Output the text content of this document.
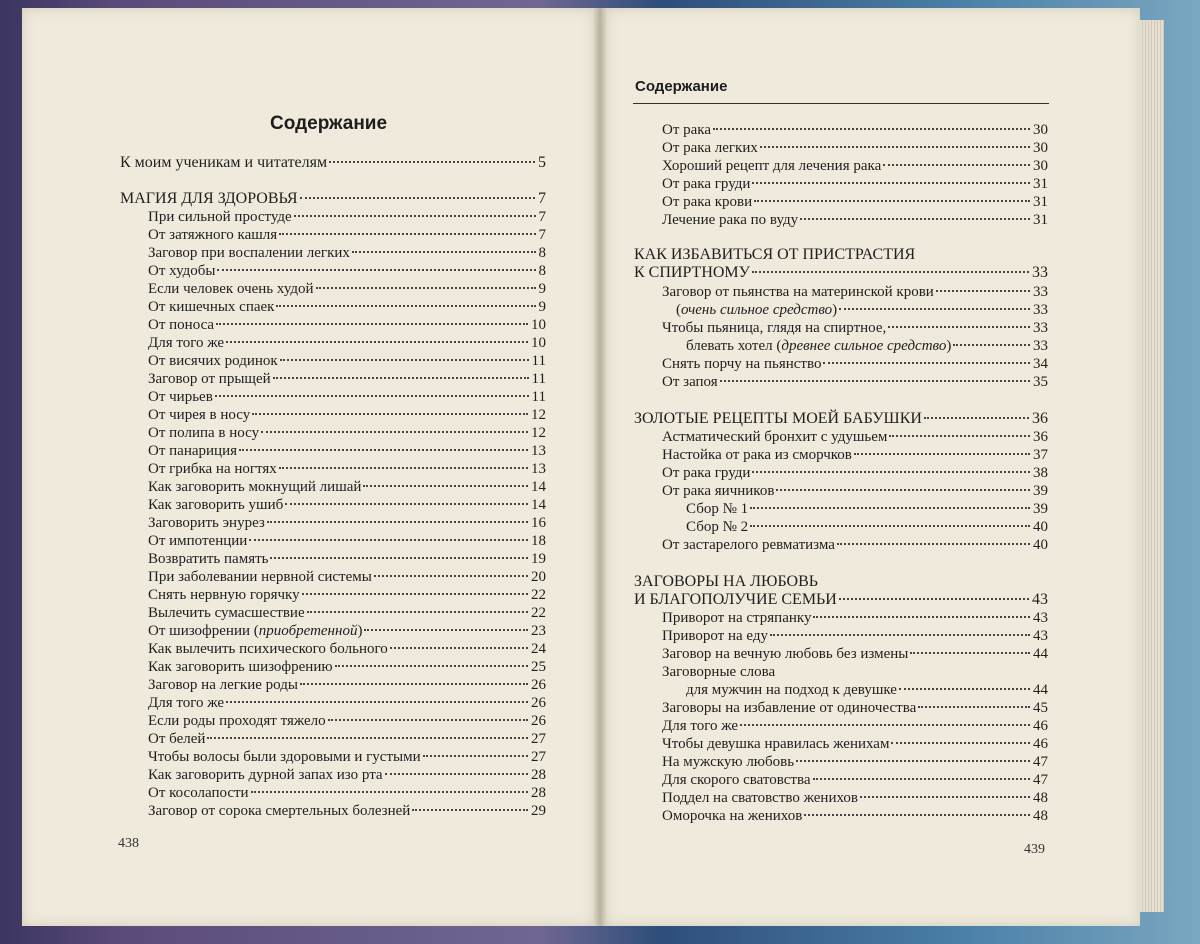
Содержание
Содержание
К моим ученикам и читателям	5
МАГИЯ ДЛЯ ЗДОРОВЬЯ	7
При сильной простуде	7
От затяжного кашля	7
Заговор при воспалении легких	8
От худобы	8
Если человек очень худой	9
От кишечных спаек	9
От поноса	10
Для того же	10
От висячих родинок	11
Заговор от прыщей	11
От чирьев	11
От чирея в носу	12
От полипа в носу	12
От панариция	13
От грибка на ногтях	13
Как заговорить мокнущий лишай	14
Как заговорить ушиб	14
Заговорить энурез	16
От импотенции	18
Возвратить память	19
При заболевании нервной системы	20
Снять нервную горячку	22
Вылечить сумасшествие	22
От шизофрении (приобретенной)	23
Как вылечить психического больного	24
Как заговорить шизофрению	25
Заговор на легкие роды	26
Для того же	26
Если роды проходят тяжело	26
От белей	27
Чтобы волосы были здоровыми и густыми	27
Как заговорить дурной запах изо рта	28
От косолапости	28
Заговор от сорока смертельных болезней	29
От рака	30
От рака легких	30
Хороший рецепт для лечения рака	30
От рака груди	31
От рака крови	31
Лечение рака по вуду	31
КАК ИЗБАВИТЬСЯ ОТ ПРИСТРАСТИЯ
К СПИРТНОМУ	33
Заговор от пьянства на материнской крови	33
(очень сильное средство)	33
Чтобы пьяница, глядя на спиртное,	33
блевать хотел (древнее сильное средство)	33
Снять порчу на пьянство	34
От запоя	35
ЗОЛОТЫЕ РЕЦЕПТЫ МОЕЙ БАБУШКИ	36
Астматический бронхит с удушьем	36
Настойка от рака из сморчков	37
От рака груди	38
От рака яичников	39
Сбор № 1	39
Сбор № 2	40
От застарелого ревматизма	40
ЗАГОВОРЫ НА ЛЮБОВЬ
И БЛАГОПОЛУЧИЕ СЕМЬИ	43
Приворот на стряпанку	43
Приворот на еду	43
Заговор на вечную любовь без измены	44
Заговорные слова
для мужчин на подход к девушке	44
Заговоры на избавление от одиночества	45
Для того же	46
Чтобы девушка нравилась женихам	46
На мужскую любовь	47
Для скорого сватовства	47
Поддел на сватовство женихов	48
Оморочка на женихов	48
438	439
